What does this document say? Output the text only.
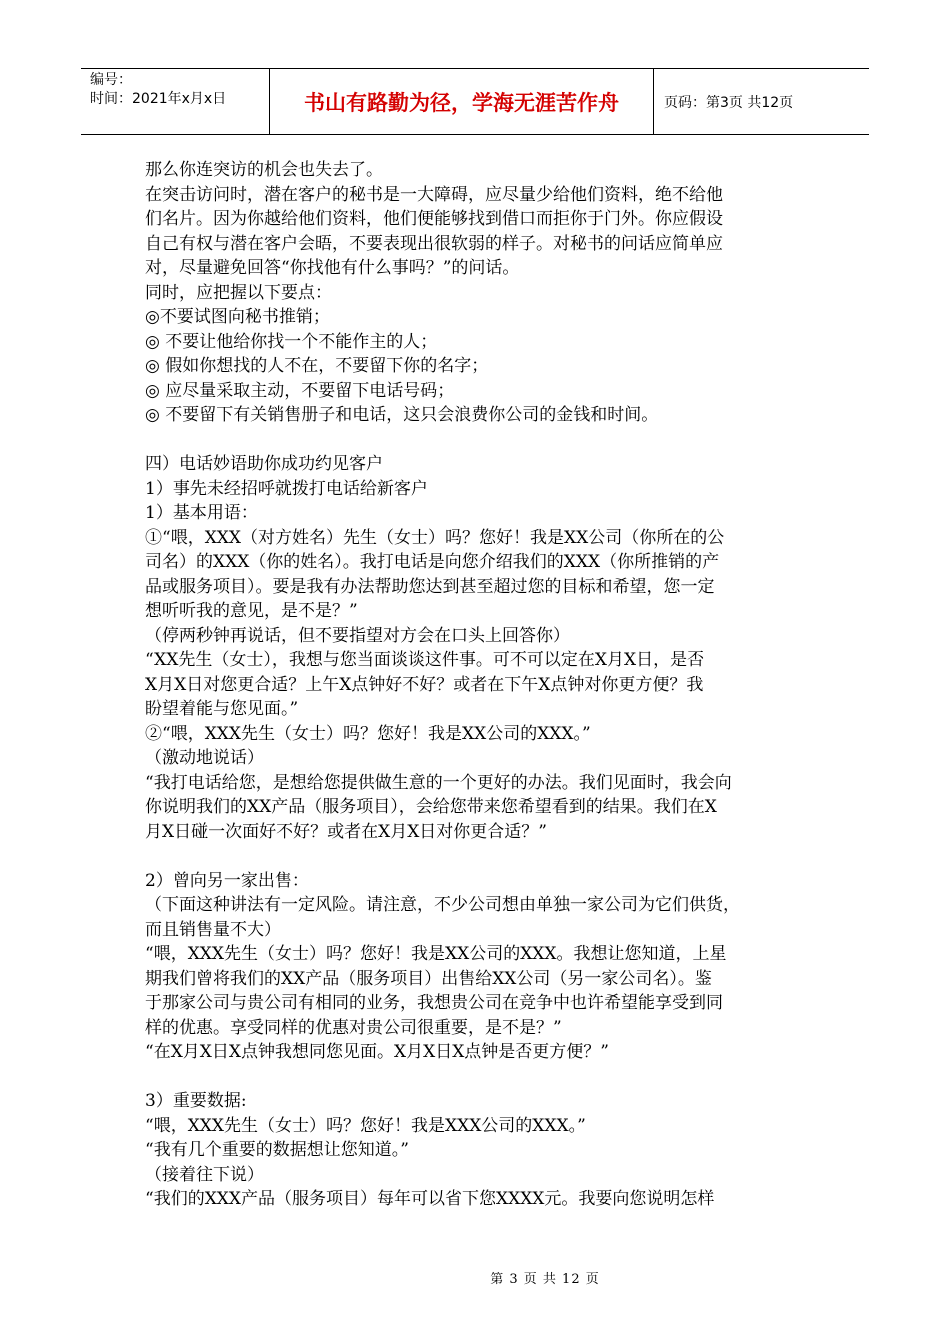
编号：
时间：2021年x月x日	书山有路勤为径，学海无涯苦作舟	页码：第3页 共12页
那么你连突访的机会也失去了。
在突击访问时，潜在客户的秘书是一大障碍，应尽量少给他们资料，绝不给他
们名片。因为你越给他们资料，他们便能够找到借口而拒你于门外。你应假设
自己有权与潜在客户会晤，不要表现出很软弱的样子。对秘书的问话应简单应
对，尽量避免回答“你找他有什么事吗？”的问话。
同时，应把握以下要点：
◎不要试图向秘书推销；
◎ 不要让他给你找一个不能作主的人；
◎ 假如你想找的人不在，不要留下你的名字；
◎ 应尽量采取主动，不要留下电话号码；
◎ 不要留下有关销售册子和电话，这只会浪费你公司的金钱和时间。
四）电话妙语助你成功约见客户
1）事先未经招呼就拨打电话给新客户
1）基本用语：
①“喂，XXX（对方姓名）先生（女士）吗？您好！我是XX公司（你所在的公
司名）的XXX（你的姓名）。我打电话是向您介绍我们的XXX（你所推销的产
品或服务项目）。要是我有办法帮助您达到甚至超过您的目标和希望，您一定
想听听我的意见，是不是？”
（停两秒钟再说话，但不要指望对方会在口头上回答你）
“XX先生（女士），我想与您当面谈谈这件事。可不可以定在X月X日，是否
X月X日对您更合适？上午X点钟好不好？或者在下午X点钟对你更方便？我
盼望着能与您见面。”
②“喂，XXX先生（女士）吗？您好！我是XX公司的XXX。”
（激动地说话）
“我打电话给您，是想给您提供做生意的一个更好的办法。我们见面时，我会向
你说明我们的XX产品（服务项目），会给您带来您希望看到的结果。我们在X
月X日碰一次面好不好？或者在X月X日对你更合适？”
2）曾向另一家出售：
（下面这种讲法有一定风险。请注意，不少公司想由单独一家公司为它们供货，
而且销售量不大）
“喂，XXX先生（女士）吗？您好！我是XX公司的XXX。我想让您知道，上星
期我们曾将我们的XX产品（服务项目）出售给XX公司（另一家公司名）。鉴
于那家公司与贵公司有相同的业务，我想贵公司在竞争中也许希望能享受到同
样的优惠。享受同样的优惠对贵公司很重要，是不是？”
“在X月X日X点钟我想同您见面。X月X日X点钟是否更方便？”
3）重要数据:
“喂，XXX先生（女士）吗？您好！我是XXX公司的XXX。”
“我有几个重要的数据想让您知道。”
（接着往下说）
“我们的XXX产品（服务项目）每年可以省下您XXXX元。我要向您说明怎样
第 3 页 共 12 页
